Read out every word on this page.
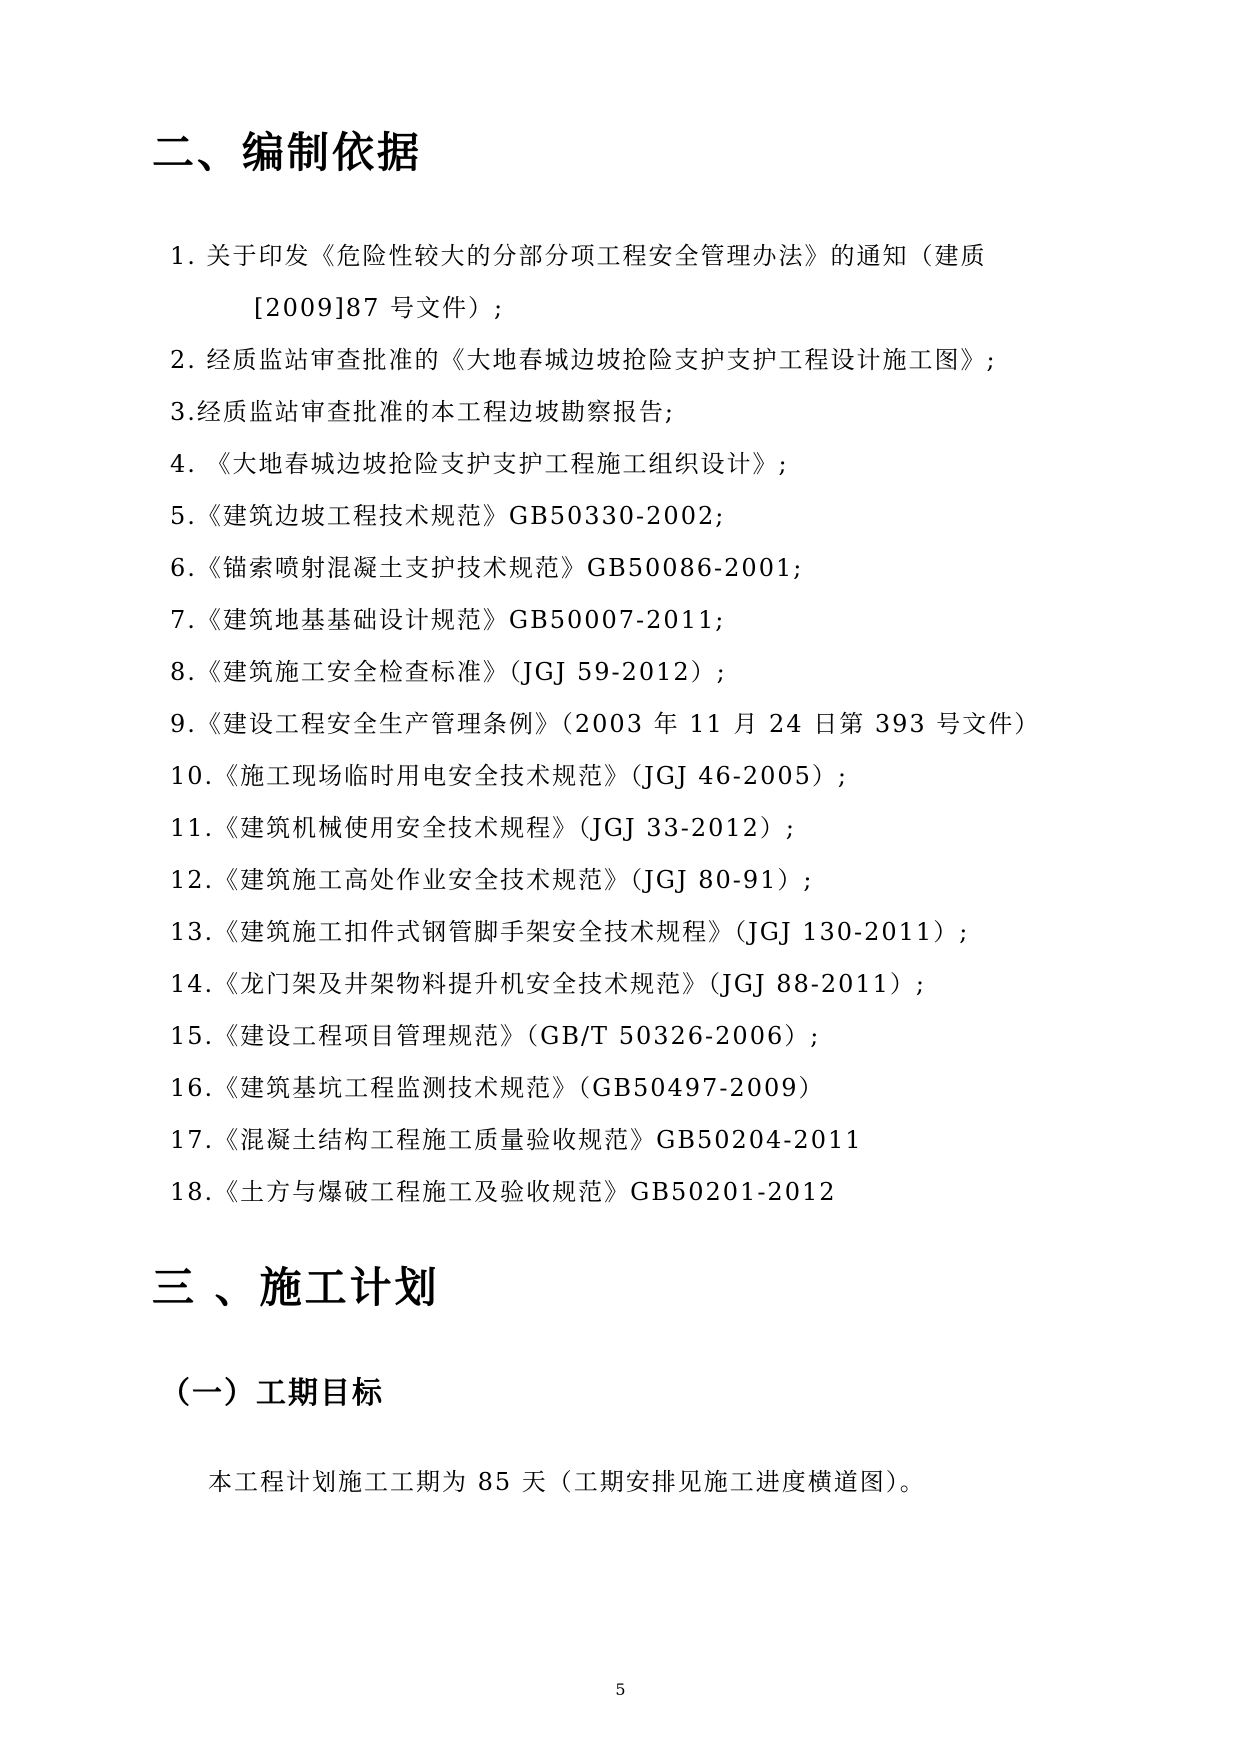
二、编制依据
1. 关于印发《危险性较大的分部分项工程安全管理办法》的通知（建质
[2009]87 号文件）;
2. 经质监站审查批准的《大地春城边坡抢险支护支护工程设计施工图》;
3.经质监站审查批准的本工程边坡勘察报告;
4. 《大地春城边坡抢险支护支护工程施工组织设计》;
5.《建筑边坡工程技术规范》GB50330-2002;
6.《锚索喷射混凝土支护技术规范》GB50086-2001;
7.《建筑地基基础设计规范》GB50007-2011;
8.《建筑施工安全检查标准》（JGJ 59-2012）;
9.《建设工程安全生产管理条例》（2003 年 11 月 24 日第 393 号文件）
10.《施工现场临时用电安全技术规范》（JGJ 46-2005）;
11.《建筑机械使用安全技术规程》（JGJ 33-2012）;
12.《建筑施工高处作业安全技术规范》（JGJ 80-91）;
13.《建筑施工扣件式钢管脚手架安全技术规程》（JGJ 130-2011）;
14.《龙门架及井架物料提升机安全技术规范》（JGJ 88-2011）;
15.《建设工程项目管理规范》（GB/T 50326-2006）;
16.《建筑基坑工程监测技术规范》（GB50497-2009）
17.《混凝土结构工程施工质量验收规范》GB50204-2011
18.《土方与爆破工程施工及验收规范》GB50201-2012
三 、施工计划
（一）工期目标
本工程计划施工工期为 85 天（工期安排见施工进度横道图）。
5
